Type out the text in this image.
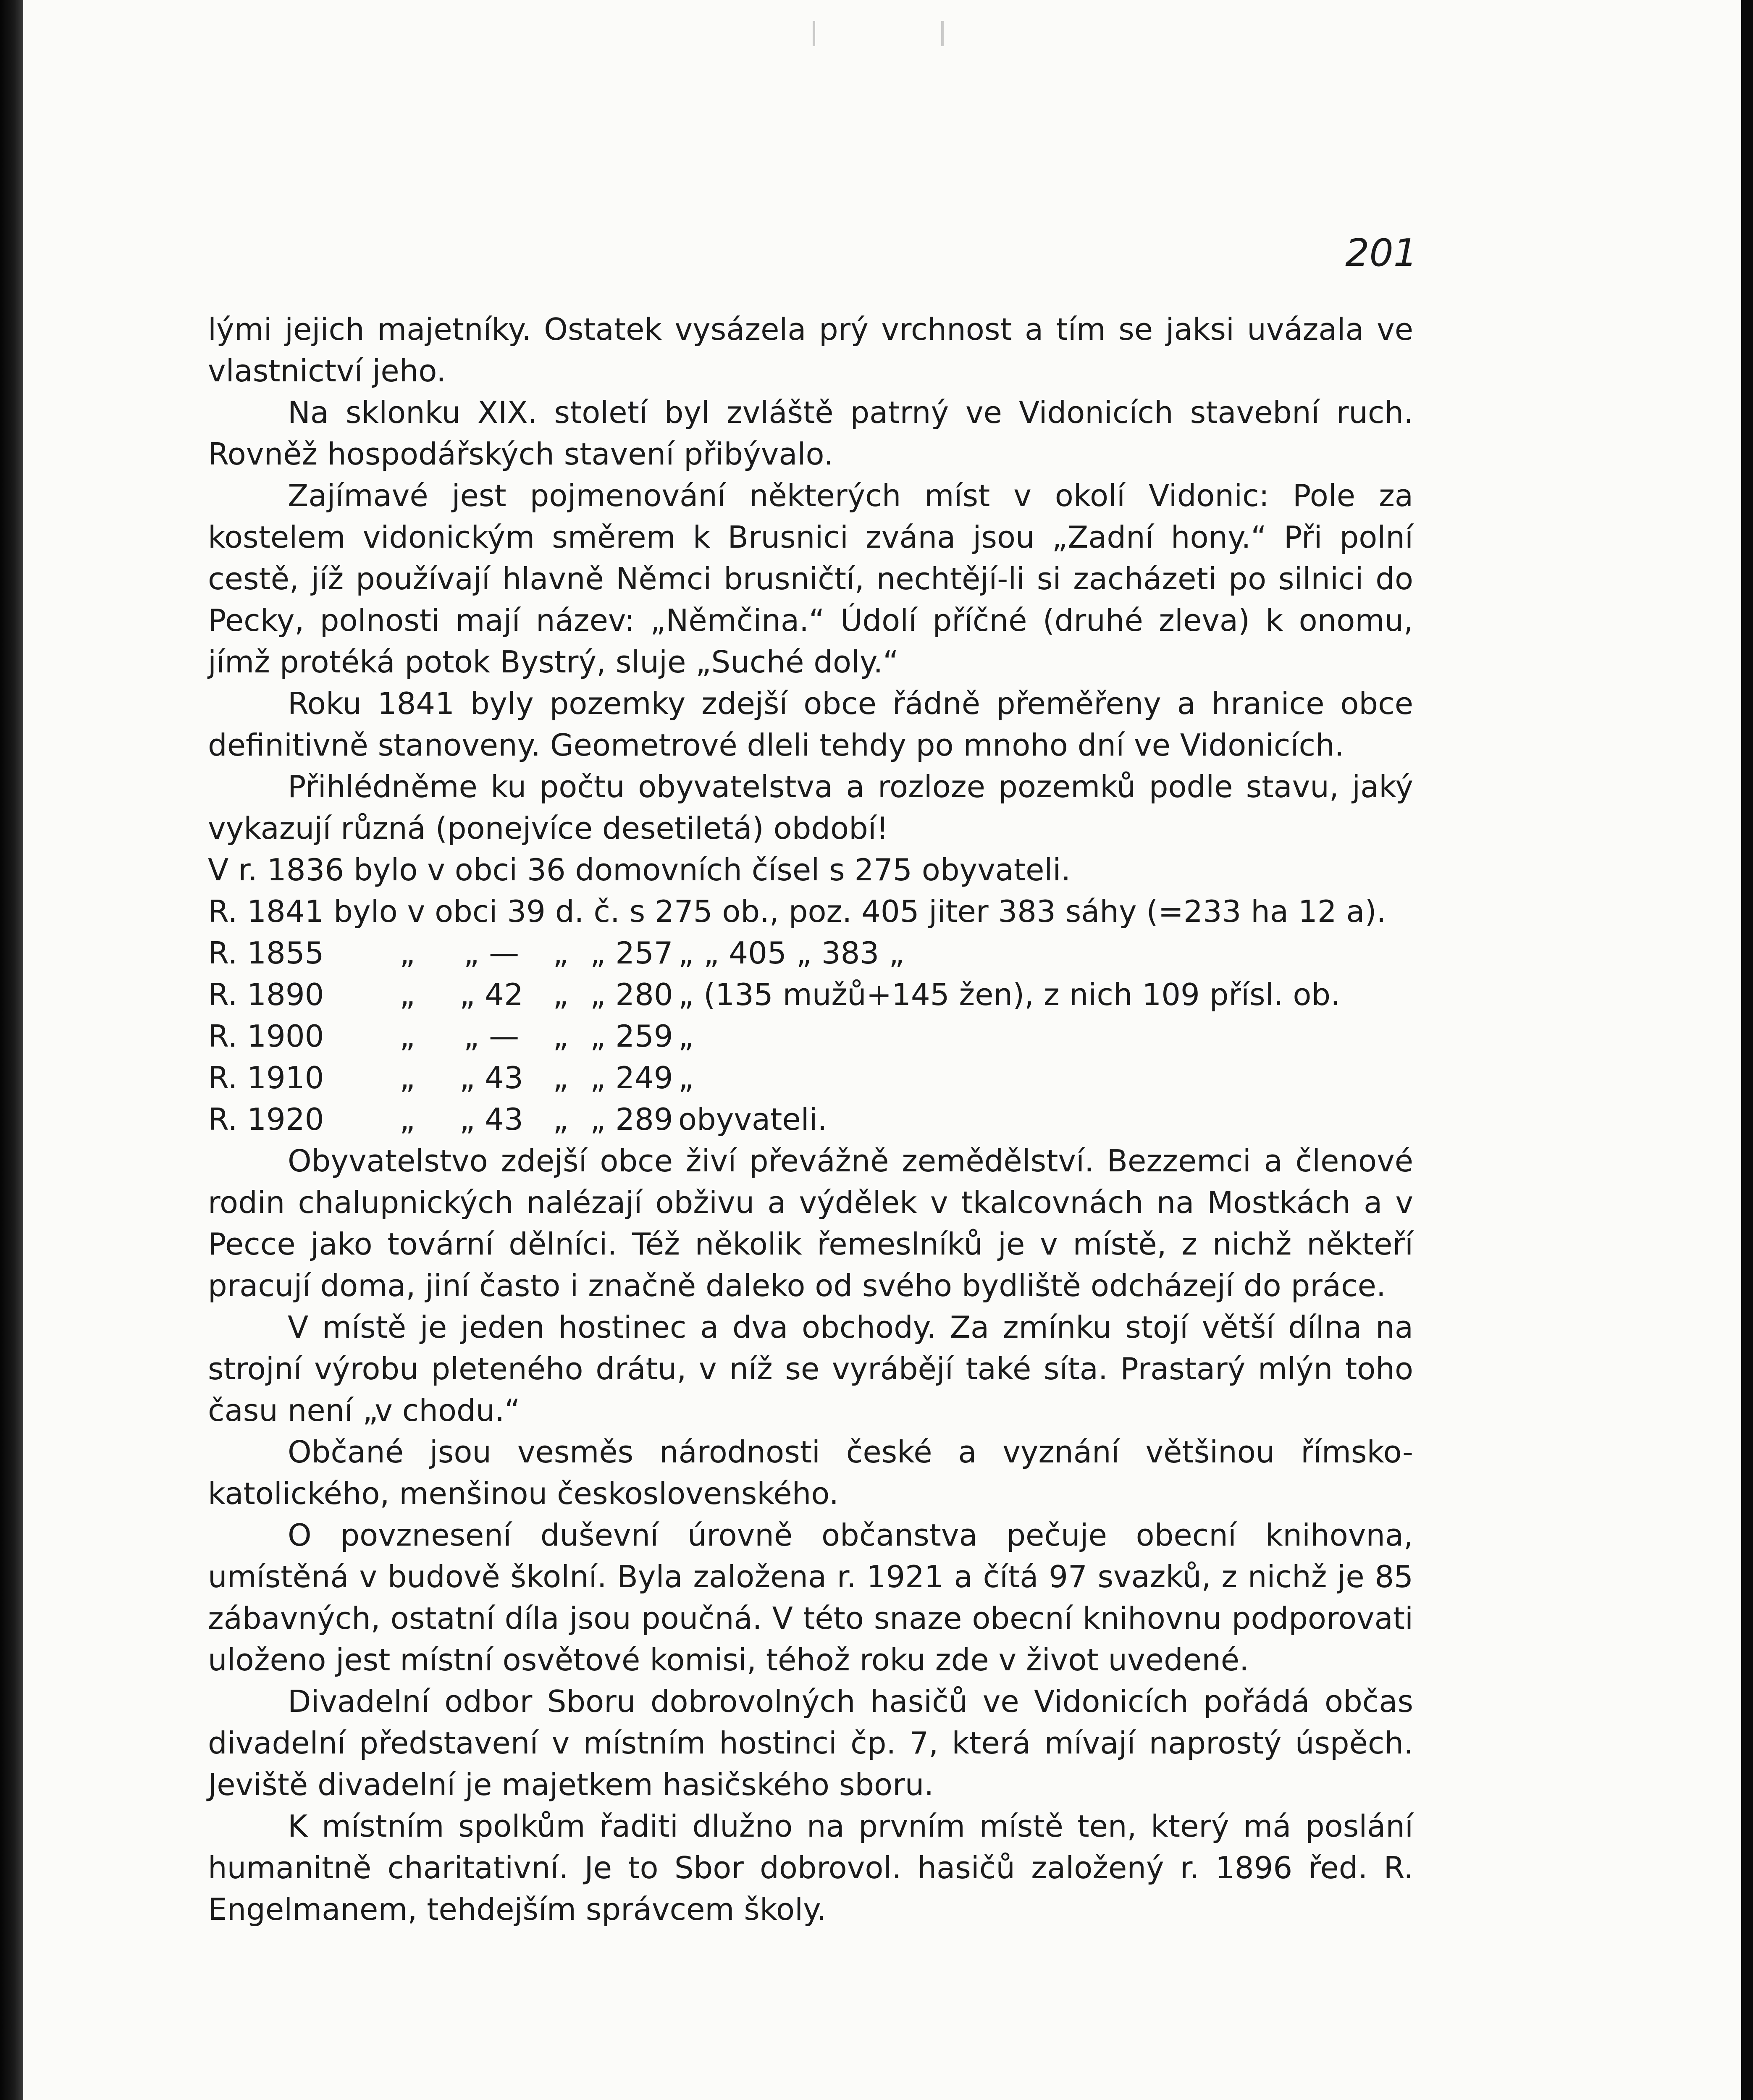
201

lými jejich majetníky. Ostatek vysázela prý vrchnost a tím se jaksi uvázala ve vlastnictví jeho.

Na sklonku XIX. století byl zvláště patrný ve Vidonicích stavební ruch. Rovněž hospodářských stavení přibývalo.

Zajímavé jest pojmenování některých míst v okolí Vidonic: Pole za kostelem vidonickým směrem k Brusnici zvána jsou „Zadní hony.“ Při polní cestě, jíž používají hlavně Němci brusničtí, nechtějí-li si zacházeti po silnici do Pecky, polnosti mají název: „Němčina.“ Údolí příčné (druhé zleva) k onomu, jímž protéká potok Bystrý, sluje „Suché doly.“

Roku 1841 byly pozemky zdejší obce řádně přeměřeny a hranice obce definitivně stanoveny. Geometrové dleli tehdy po mnoho dní ve Vidonicích.

Přihlédněme ku počtu obyvatelstva a rozloze pozemků podle stavu, jaký vykazují různá (ponejvíce desetiletá) období!

V r. 1836 bylo v obci 36 domovních čísel s 275 obyvateli.
R. 1841 bylo v obci 39 d. č. s 275 ob., poz. 405 jiter 383 sáhy (=233 ha 12 a).
R. 1855	„	„ —	„	„ 257	„ „ 405 „ 383 „
R. 1890	„	„ 42	„	„ 280	„ (135 mužů+145 žen), z nich 109 přísl. ob.
R. 1900	„	„ —	„	„ 259	„
R. 1910	„	„ 43	„	„ 249	„
R. 1920	„	„ 43	„	„ 289	obyvateli.

Obyvatelstvo zdejší obce živí převážně zemědělství. Bezzemci a členové rodin chalupnických nalézají obživu a výdělek v tkalcovnách na Mostkách a v Pecce jako tovární dělníci. Též několik řemeslníků je v místě, z nichž někteří pracují doma, jiní často i značně daleko od svého bydliště odcházejí do práce.

V místě je jeden hostinec a dva obchody. Za zmínku stojí větší dílna na strojní výrobu pleteného drátu, v níž se vyrábějí také síta. Prastarý mlýn toho času není „v chodu.“

Občané jsou vesměs národnosti české a vyznání většinou římsko-katolického, menšinou československého.

O povznesení duševní úrovně občanstva pečuje obecní knihovna, umístěná v budově školní. Byla založena r. 1921 a čítá 97 svazků, z nichž je 85 zábavných, ostatní díla jsou poučná. V této snaze obecní knihovnu podporovati uloženo jest místní osvětové komisi, téhož roku zde v život uvedené.

Divadelní odbor Sboru dobrovolných hasičů ve Vidonicích pořádá občas divadelní představení v místním hostinci čp. 7, která mívají naprostý úspěch. Jeviště divadelní je majetkem hasičského sboru.

K místním spolkům řaditi dlužno na prvním místě ten, který má poslání humanitně charitativní. Je to Sbor dobrovol. hasičů založený r. 1896 řed. R. Engelmanem, tehdejším správcem školy.
